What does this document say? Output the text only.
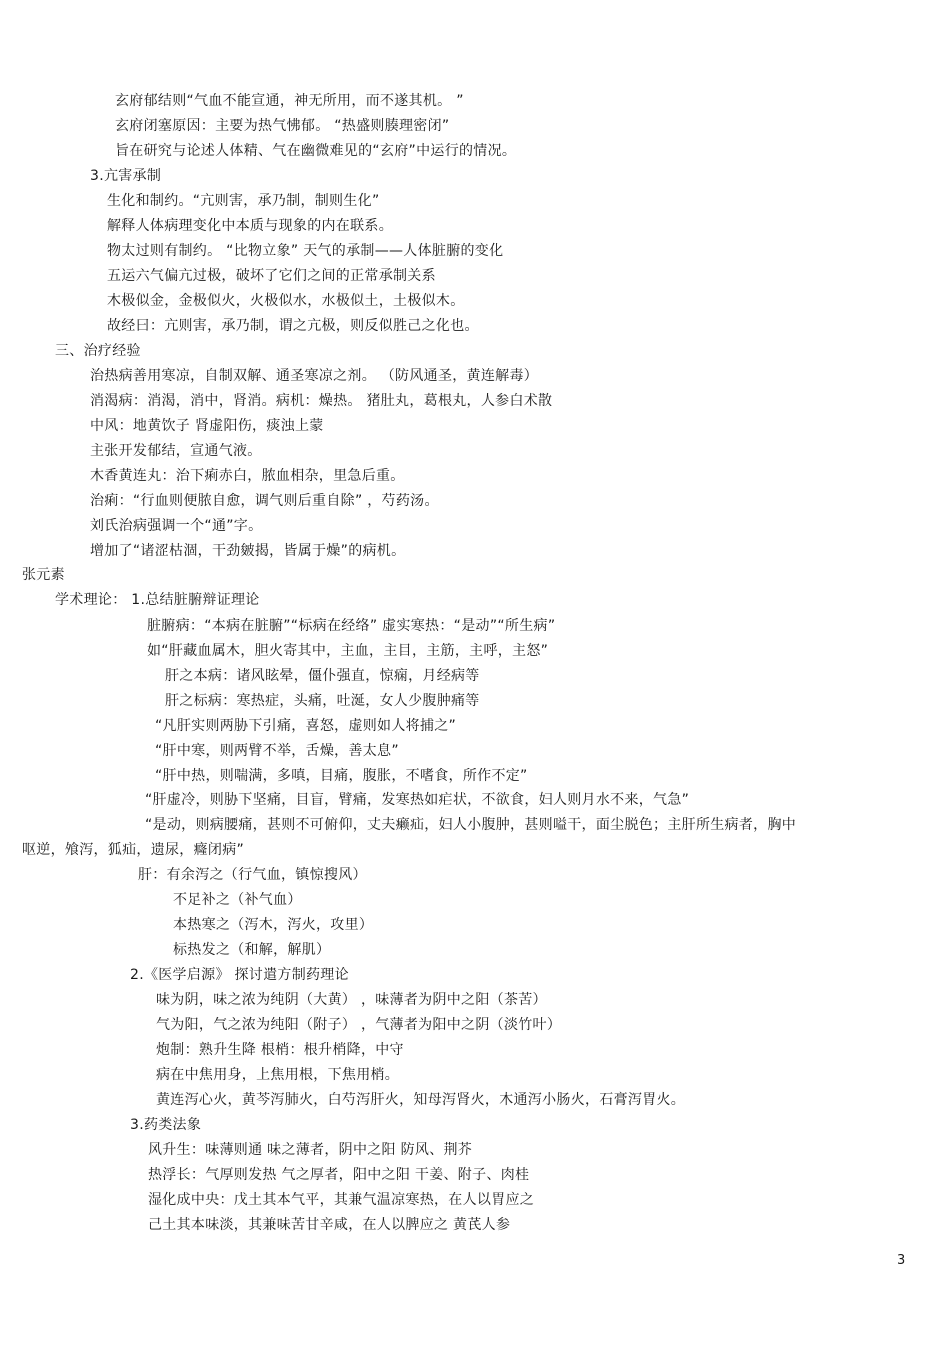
玄府郁结则“气血不能宣通，神无所用，而不遂其机。 ”
玄府闭塞原因：主要为热气怫郁。 “热盛则腠理密闭”
旨在研究与论述人体精、气在幽微难见的“玄府”中运行的情况。
3.亢害承制
生化和制约。“亢则害，承乃制，制则生化”
解释人体病理变化中本质与现象的内在联系。
物太过则有制约。 “比物立象” 天气的承制——人体脏腑的变化
五运六气偏亢过极，破坏了它们之间的正常承制关系
木极似金，金极似火，火极似水，水极似土，土极似木。
故经曰：亢则害，承乃制，谓之亢极，则反似胜己之化也。
三、治疗经验
治热病善用寒凉，自制双解、通圣寒凉之剂。 （防风通圣，黄连解毒）
消渴病：消渴，消中，肾消。病机：燥热。 猪肚丸，葛根丸，人参白术散
中风：地黄饮子 肾虚阳伤，痰浊上蒙
主张开发郁结，宣通气液。
木香黄连丸：治下痢赤白，脓血相杂，里急后重。
治痢：“行血则便脓自愈，调气则后重自除” ，芍药汤。
刘氏治病强调一个“通”字。
增加了“诸涩枯涸，干劲皴揭，皆属于燥”的病机。
张元素
学术理论： 1.总结脏腑辩证理论
脏腑病：“本病在脏腑”“标病在经络” 虚实寒热：“是动”“所生病”
如“肝藏血属木，胆火寄其中，主血，主目，主筋，主呼，主怒”
肝之本病：诸风眩晕，僵仆强直，惊痫，月经病等
肝之标病：寒热症，头痛，吐涎，女人少腹肿痛等
“凡肝实则两胁下引痛，喜怒，虚则如人将捕之”
“肝中寒，则两臂不举，舌燥，善太息”
“肝中热，则喘满，多嗔，目痛，腹胀，不嗜食，所作不定”
“肝虚冷，则胁下坚痛，目盲，臂痛，发寒热如疟状，不欲食，妇人则月水不来，气急”
“是动，则病腰痛，甚则不可俯仰，丈夫癞疝，妇人小腹肿，甚则嗌干，面尘脱色；主肝所生病者，胸中
呕逆，飧泻，狐疝，遗尿，癃闭病”
肝：有余泻之（行气血，镇惊搜风）
不足补之（补气血）
本热寒之（泻木，泻火，攻里）
标热发之（和解，解肌）
2.《医学启源》 探讨遣方制药理论
味为阴，味之浓为纯阴（大黄） ，味薄者为阴中之阳（茶苦）
气为阳，气之浓为纯阳（附子） ，气薄者为阳中之阴（淡竹叶）
炮制：熟升生降 根梢：根升梢降，中守
病在中焦用身，上焦用根，下焦用梢。
黄连泻心火，黄芩泻肺火，白芍泻肝火，知母泻肾火，木通泻小肠火，石膏泻胃火。
3.药类法象
风升生：味薄则通 味之薄者，阴中之阳 防风、荆芥
热浮长：气厚则发热 气之厚者，阳中之阳 干姜、附子、肉桂
湿化成中央：戊土其本气平，其兼气温凉寒热，在人以胃应之
己土其本味淡，其兼味苦甘辛咸，在人以脾应之 黄芪人参
3
